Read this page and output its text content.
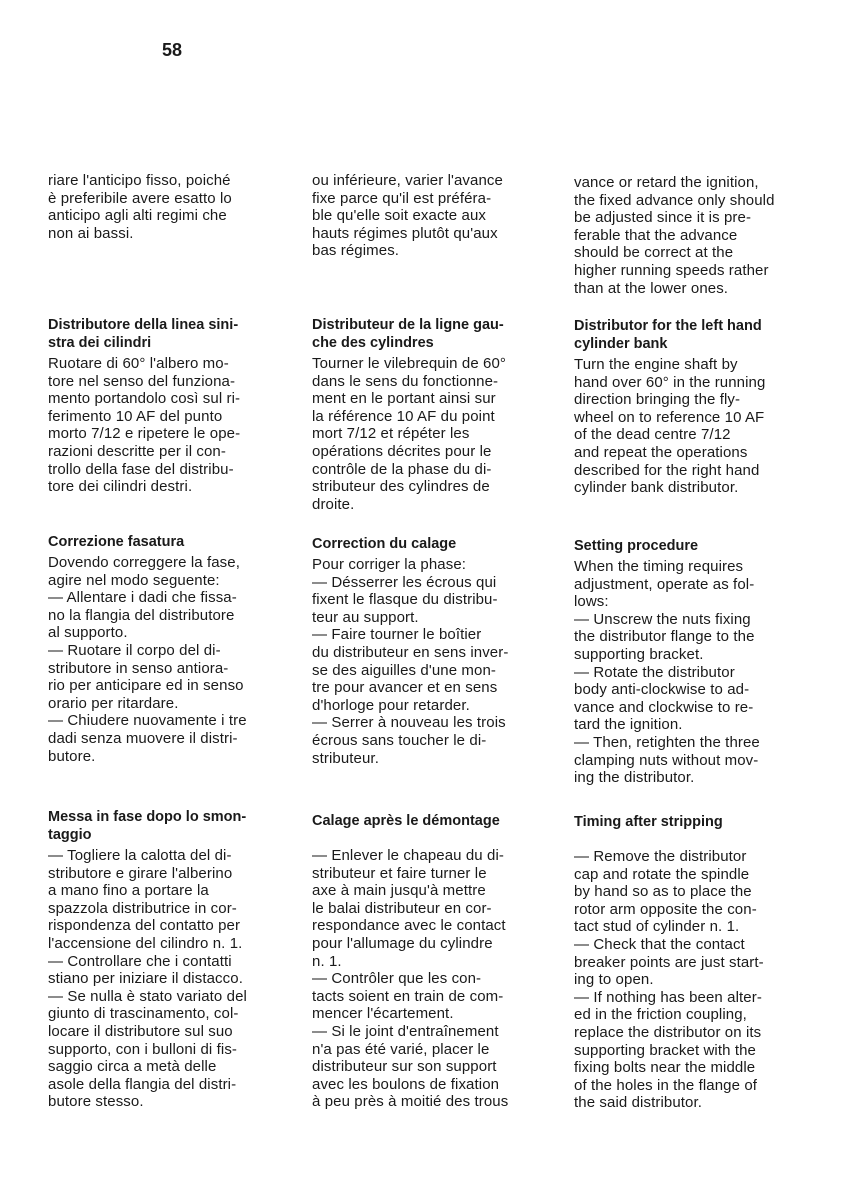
58

riare l'anticipo fisso, poiché
è preferibile avere esatto lo
anticipo agli alti regimi che
non ai bassi.

Distributore della linea sini-
stra dei cilindri

Ruotare di 60° l'albero mo-
tore nel senso del funziona-
mento portandolo così sul ri-
ferimento 10 AF del punto
morto 7/12 e ripetere le ope-
razioni descritte per il con-
trollo della fase del distribu-
tore dei cilindri destri.

Correzione fasatura

Dovendo correggere la fase,
agire nel modo seguente:
— Allentare i dadi che fissa-
no la flangia del distributore
al supporto.
— Ruotare il corpo del di-
stributore in senso antiora-
rio per anticipare ed in senso
orario per ritardare.
— Chiudere nuovamente i tre
dadi senza muovere il distri-
butore.

Messa in fase dopo lo smon-
taggio

— Togliere la calotta del di-
stributore e girare l'alberino
a mano fino a portare la
spazzola distributrice in cor-
rispondenza del contatto per
l'accensione del cilindro n. 1.
— Controllare che i contatti
stiano per iniziare il distacco.
— Se nulla è stato variato del
giunto di trascinamento, col-
locare il distributore sul suo
supporto, con i bulloni di fis-
saggio circa a metà delle
asole della flangia del distri-
butore stesso.

ou inférieure, varier l'avance
fixe parce qu'il est préféra-
ble qu'elle soit exacte aux
hauts régimes plutôt qu'aux
bas régimes.

Distributeur de la ligne gau-
che des cylindres

Tourner le vilebrequin de 60°
dans le sens du fonctionne-
ment en le portant ainsi sur
la référence 10 AF du point
mort 7/12 et répéter les
opérations décrites pour le
contrôle de la phase du di-
stributeur des cylindres de
droite.

Correction du calage

Pour corriger la phase:
— Désserrer les écrous qui
fixent le flasque du distribu-
teur au support.
— Faire tourner le boîtier
du distributeur en sens inver-
se des aiguilles d'une mon-
tre pour avancer et en sens
d'horloge pour retarder.
— Serrer à nouveau les trois
écrous sans toucher le di-
stributeur.

Calage après le démontage

— Enlever le chapeau du di-
stributeur et faire turner le
axe à main jusqu'à mettre
le balai distributeur en cor-
respondance avec le contact
pour l'allumage du cylindre
n. 1.
— Contrôler que les con-
tacts soient en train de com-
mencer l'écartement.
— Si le joint d'entraînement
n'a pas été varié, placer le
distributeur sur son support
avec les boulons de fixation
à peu près à moitié des trous

vance or retard the ignition,
the fixed advance only should
be adjusted since it is pre-
ferable that the advance
should be correct at the
higher running speeds rather
than at the lower ones.

Distributor for the left hand
cylinder bank

Turn the engine shaft by
hand over 60° in the running
direction bringing the fly-
wheel on to reference 10 AF
of the dead centre 7/12
and repeat the operations
described for the right hand
cylinder bank distributor.

Setting procedure

When the timing requires
adjustment, operate as fol-
lows:
— Unscrew the nuts fixing
the distributor flange to the
supporting bracket.
— Rotate the distributor
body anti-clockwise to ad-
vance and clockwise to re-
tard the ignition.
— Then, retighten the three
clamping nuts without mov-
ing the distributor.

Timing after stripping

— Remove the distributor
cap and rotate the spindle
by hand so as to place the
rotor arm opposite the con-
tact stud of cylinder n. 1.
— Check that the contact
breaker points are just start-
ing to open.
— If nothing has been alter-
ed in the friction coupling,
replace the distributor on its
supporting bracket with the
fixing bolts near the middle
of the holes in the flange of
the said distributor.
